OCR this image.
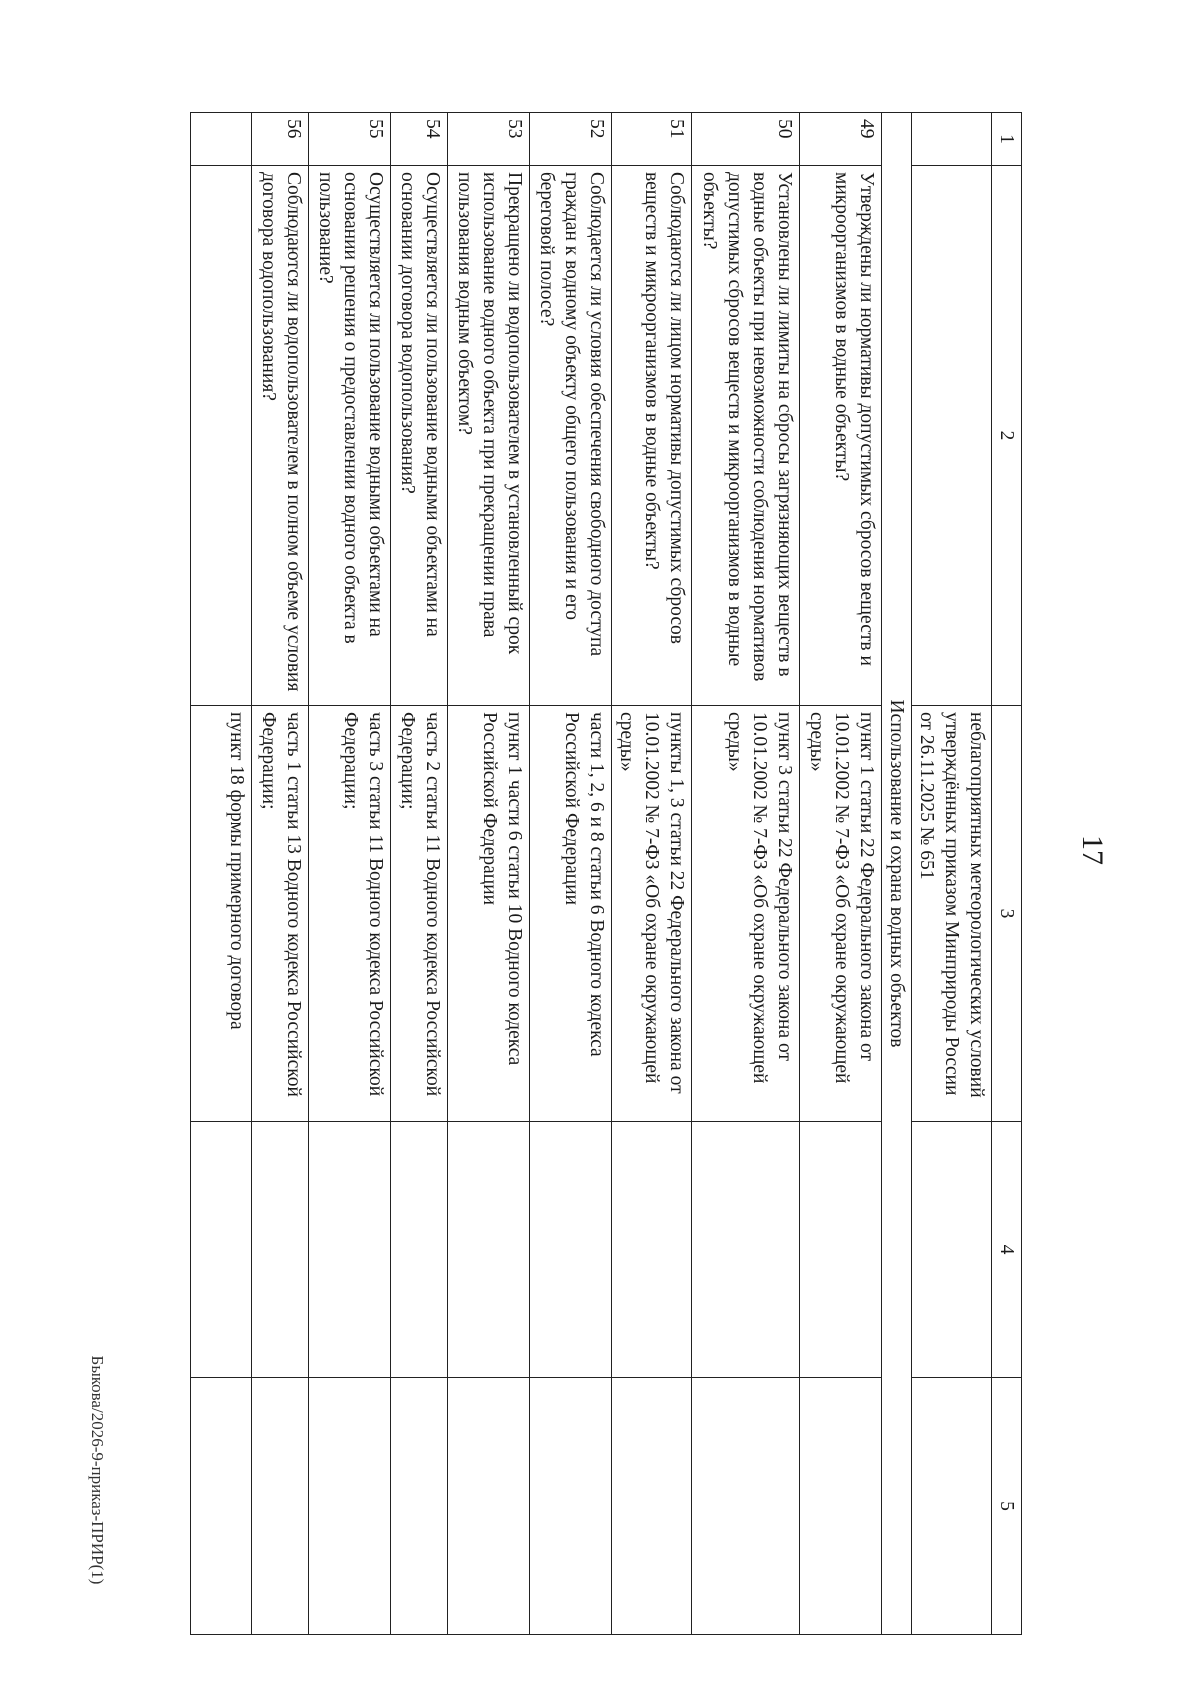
17
Быкова/2026-9-приказ-ПРИР(1)
1	2	3	4	5
		неблагоприятных метеорологических условий утверждённых приказом Минприроды России от 26.11.2025 № 651		
Использование и охрана водных объектов				
49	Утверждены ли нормативы допустимых сбросов веществ и микроорганизмов в водные объекты?	пункт 1 статьи 22 Федерального закона от 10.01.2002 № 7-ФЗ «Об охране окружающей среды»		
50	Установлены ли лимиты на сбросы загрязняющих веществ в водные объекты при невозможности соблюдения нормативов допустимых сбросов веществ и микроорганизмов в водные объекты?	пункт 3 статьи 22 Федерального закона от 10.01.2002 № 7-ФЗ «Об охране окружающей среды»		
51	Соблюдаются ли лицом нормативы допустимых сбросов веществ и микроорганизмов в водные объекты?	пункты 1, 3 статьи 22 Федерального закона от 10.01.2002 № 7-ФЗ «Об охране окружающей среды»		
52	Соблюдается ли условия обеспечения свободного доступа граждан к водному объекту общего пользования и его береговой полосе?	части 1, 2, 6 и 8 статьи 6 Водного кодекса Российской Федерации		
53	Прекращено ли водопользователем в установленный срок использование водного объекта при прекращении права пользования водным объектом?	пункт 1 части 6 статьи 10 Водного кодекса Российской Федерации		
54	Осуществляется ли пользование водными объектами на основании договора водопользования?	часть 2 статьи 11 Водного кодекса Российской Федерации;		
55	Осуществляется ли пользование водными объектами на основании решения о предоставлении водного объекта в пользование?	часть 3 статьи 11 Водного кодекса Российской Федерации;		
56	Соблюдаются ли водопользователем в полном объеме условия договора водопользования?	часть 1 статьи 13 Водного кодекса Российской Федерации;		
		пункт 18 формы примерного договора		
